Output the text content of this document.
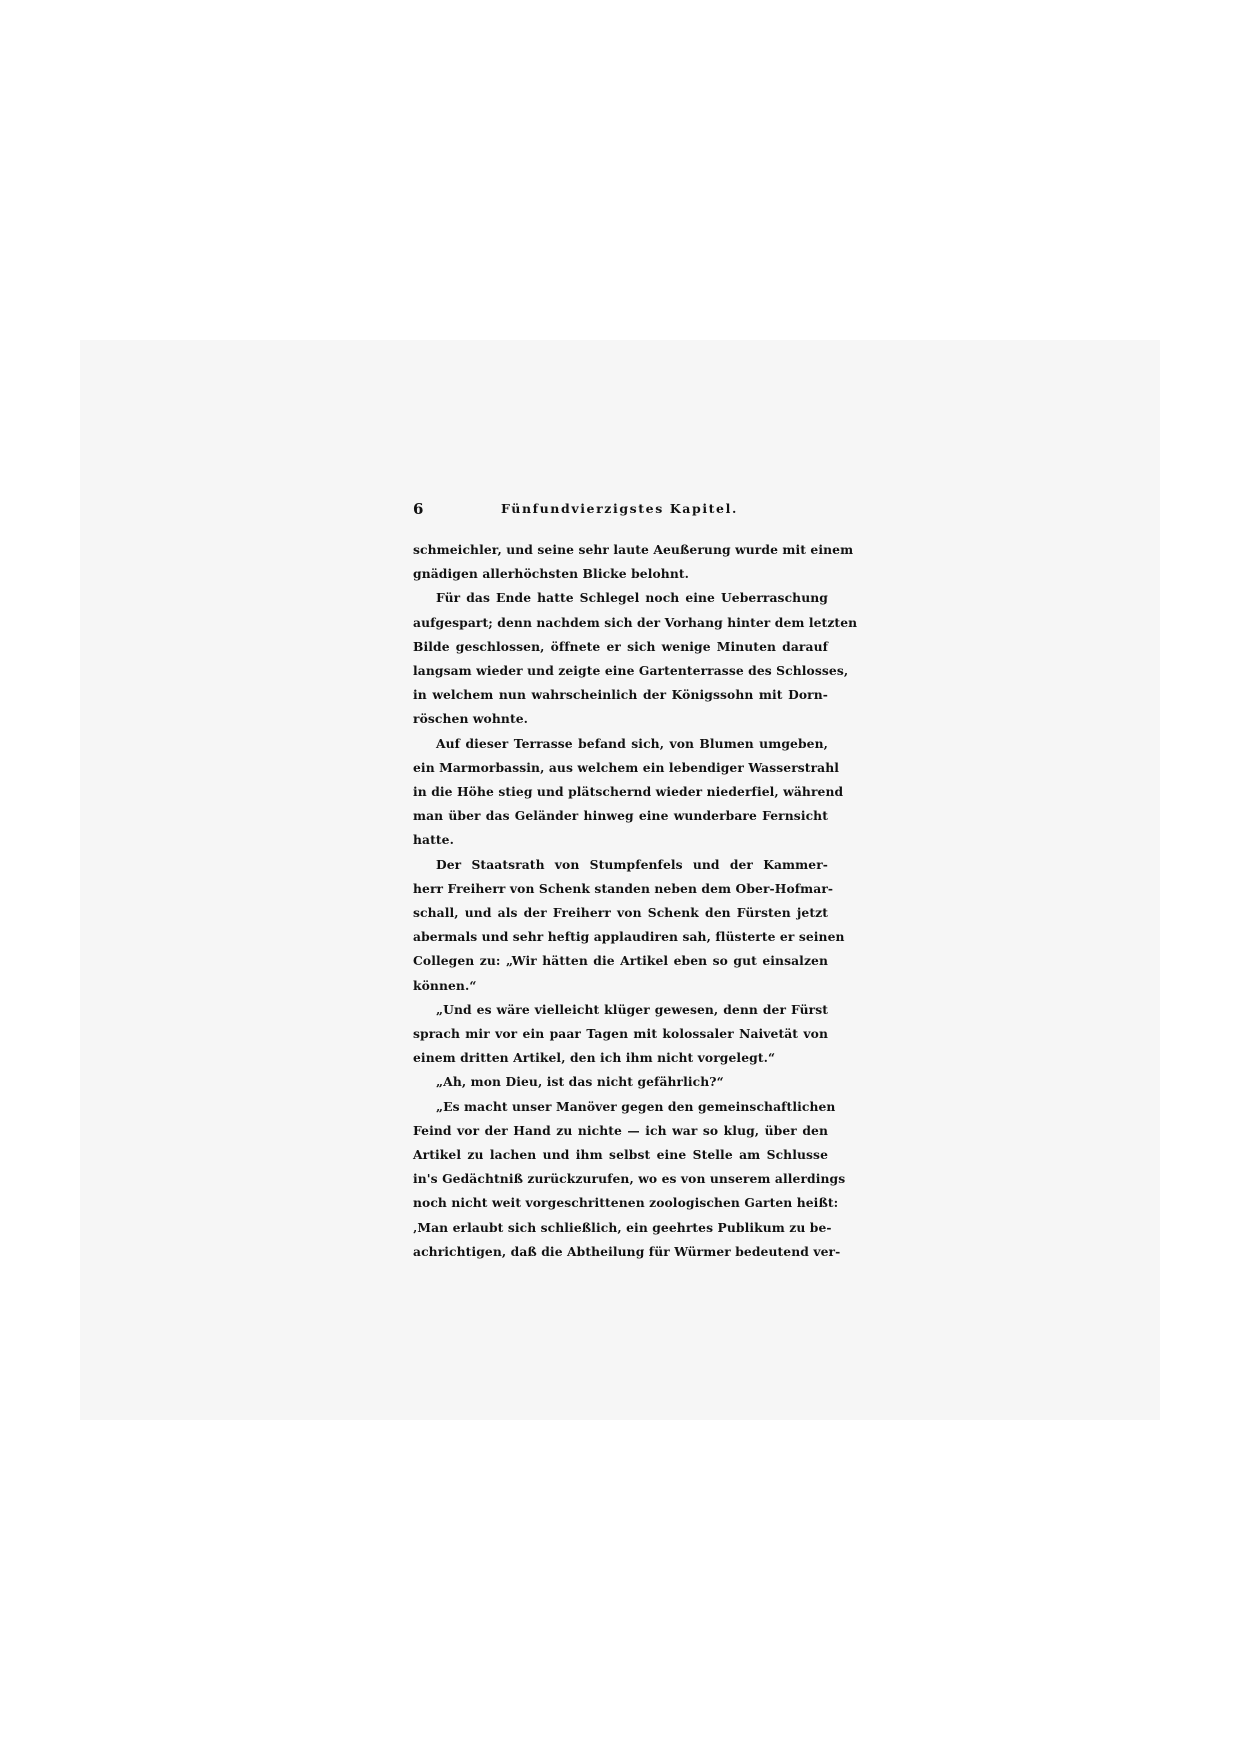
6	Fünfundvierzigstes Kapitel.
schmeichler, und seine sehr laute Aeußerung wurde mit einem
gnädigen allerhöchsten Blicke belohnt.
Für das Ende hatte Schlegel noch eine Ueberraschung
aufgespart; denn nachdem sich der Vorhang hinter dem letzten
Bilde geschlossen, öffnete er sich wenige Minuten darauf
langsam wieder und zeigte eine Gartenterrasse des Schlosses,
in welchem nun wahrscheinlich der Königssohn mit Dorn-
röschen wohnte.
Auf dieser Terrasse befand sich, von Blumen umgeben,
ein Marmorbassin, aus welchem ein lebendiger Wasserstrahl
in die Höhe stieg und plätschernd wieder niederfiel, während
man über das Geländer hinweg eine wunderbare Fernsicht
hatte.
Der Staatsrath von Stumpfenfels und der Kammer-
herr Freiherr von Schenk standen neben dem Ober-Hofmar-
schall, und als der Freiherr von Schenk den Fürsten jetzt
abermals und sehr heftig applaudiren sah, flüsterte er seinen
Collegen zu: „Wir hätten die Artikel eben so gut einsalzen
können.“
„Und es wäre vielleicht klüger gewesen, denn der Fürst
sprach mir vor ein paar Tagen mit kolossaler Naivetät von
einem dritten Artikel, den ich ihm nicht vorgelegt.“
„Ah, mon Dieu, ist das nicht gefährlich?“
„Es macht unser Manöver gegen den gemeinschaftlichen
Feind vor der Hand zu nichte — ich war so klug, über den
Artikel zu lachen und ihm selbst eine Stelle am Schlusse
in's Gedächtniß zurückzurufen, wo es von unserem allerdings
noch nicht weit vorgeschrittenen zoologischen Garten heißt:
‚Man erlaubt sich schließlich, ein geehrtes Publikum zu be-
achrichtigen, daß die Abtheilung für Würmer bedeutend ver-
